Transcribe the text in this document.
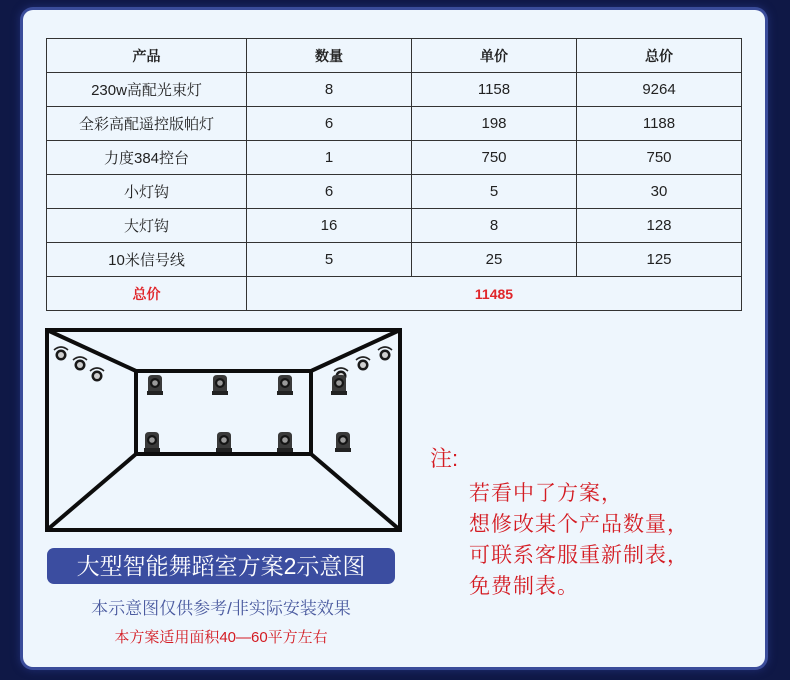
产品	数量	单价	总价
230w高配光束灯	8	1158	9264
全彩高配遥控版帕灯	6	198	1188
力度384控台	1	750	750
小灯钩	6	5	30
大灯钩	16	8	128
10米信号线	5	25	125
总价	11485		
大型智能舞蹈室方案2示意图
本示意图仅供参考/非实际安装效果
本方案适用面积40—60平方左右
注:
若看中了方案，
想修改某个产品数量，
可联系客服重新制表，
免费制表。
